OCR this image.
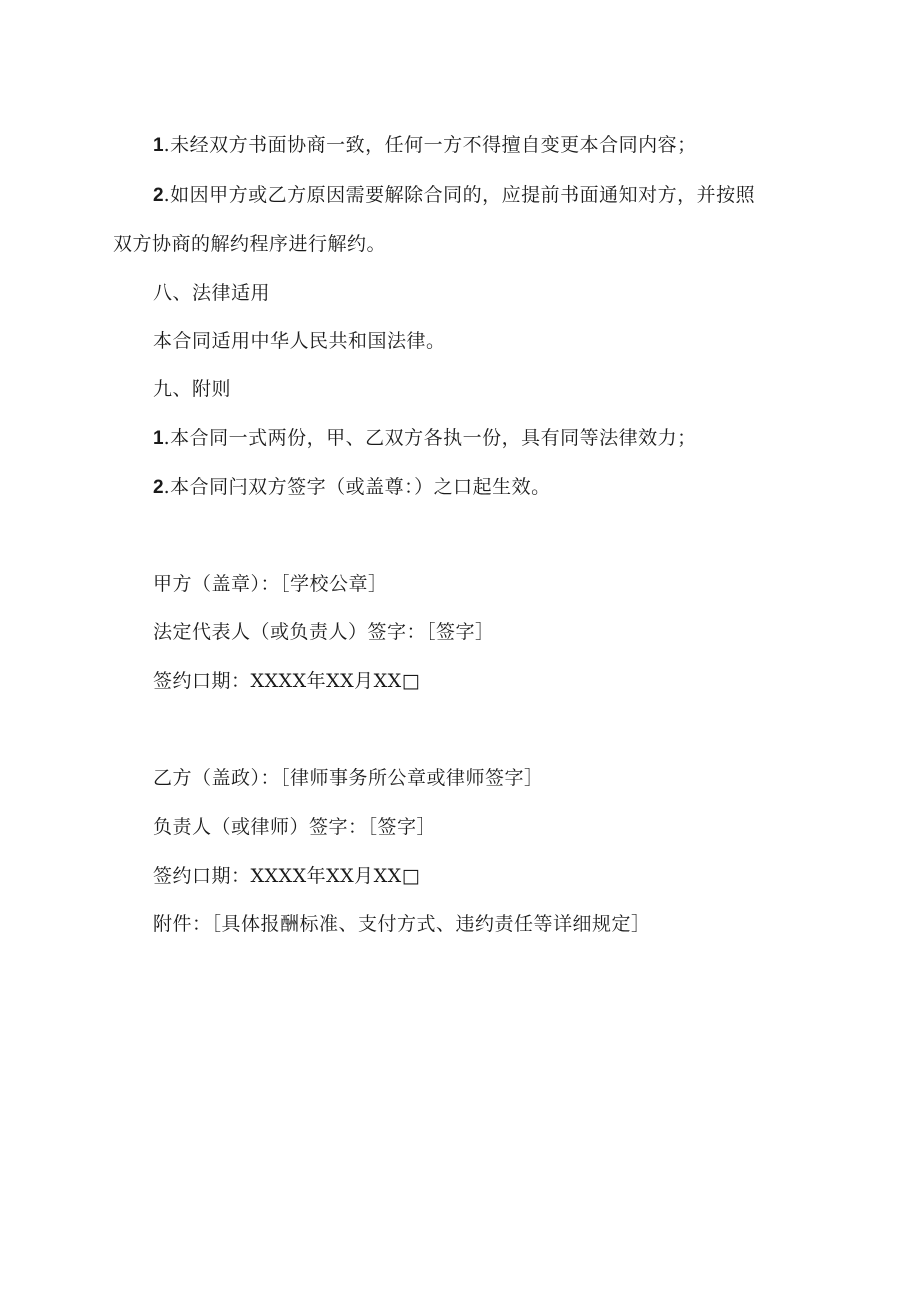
1.未经双方书面协商一致，任何一方不得擅自变更本合同内容；
2.如因甲方或乙方原因需要解除合同的，应提前书面通知对方，并按照
双方协商的解约程序进行解约。
八、法律适用
本合同适用中华人民共和国法律。
九、附则
1.本合同一式两份，甲、乙双方各执一份，具有同等法律效力；
2.本合同闩双方签字（或盖尊：）之口起生效。
甲方（盖章）：［学校公章］
法定代表人（或负责人）签字：［签字］
签约口期：XXXX年XX月XX□
乙方（盖政）：［律师事务所公章或律师签字］
负责人（或律师）签字：［签字］
签约口期：XXXX年XX月XX□
附件：［具体报酬标准、支付方式、违约责任等详细规定］
